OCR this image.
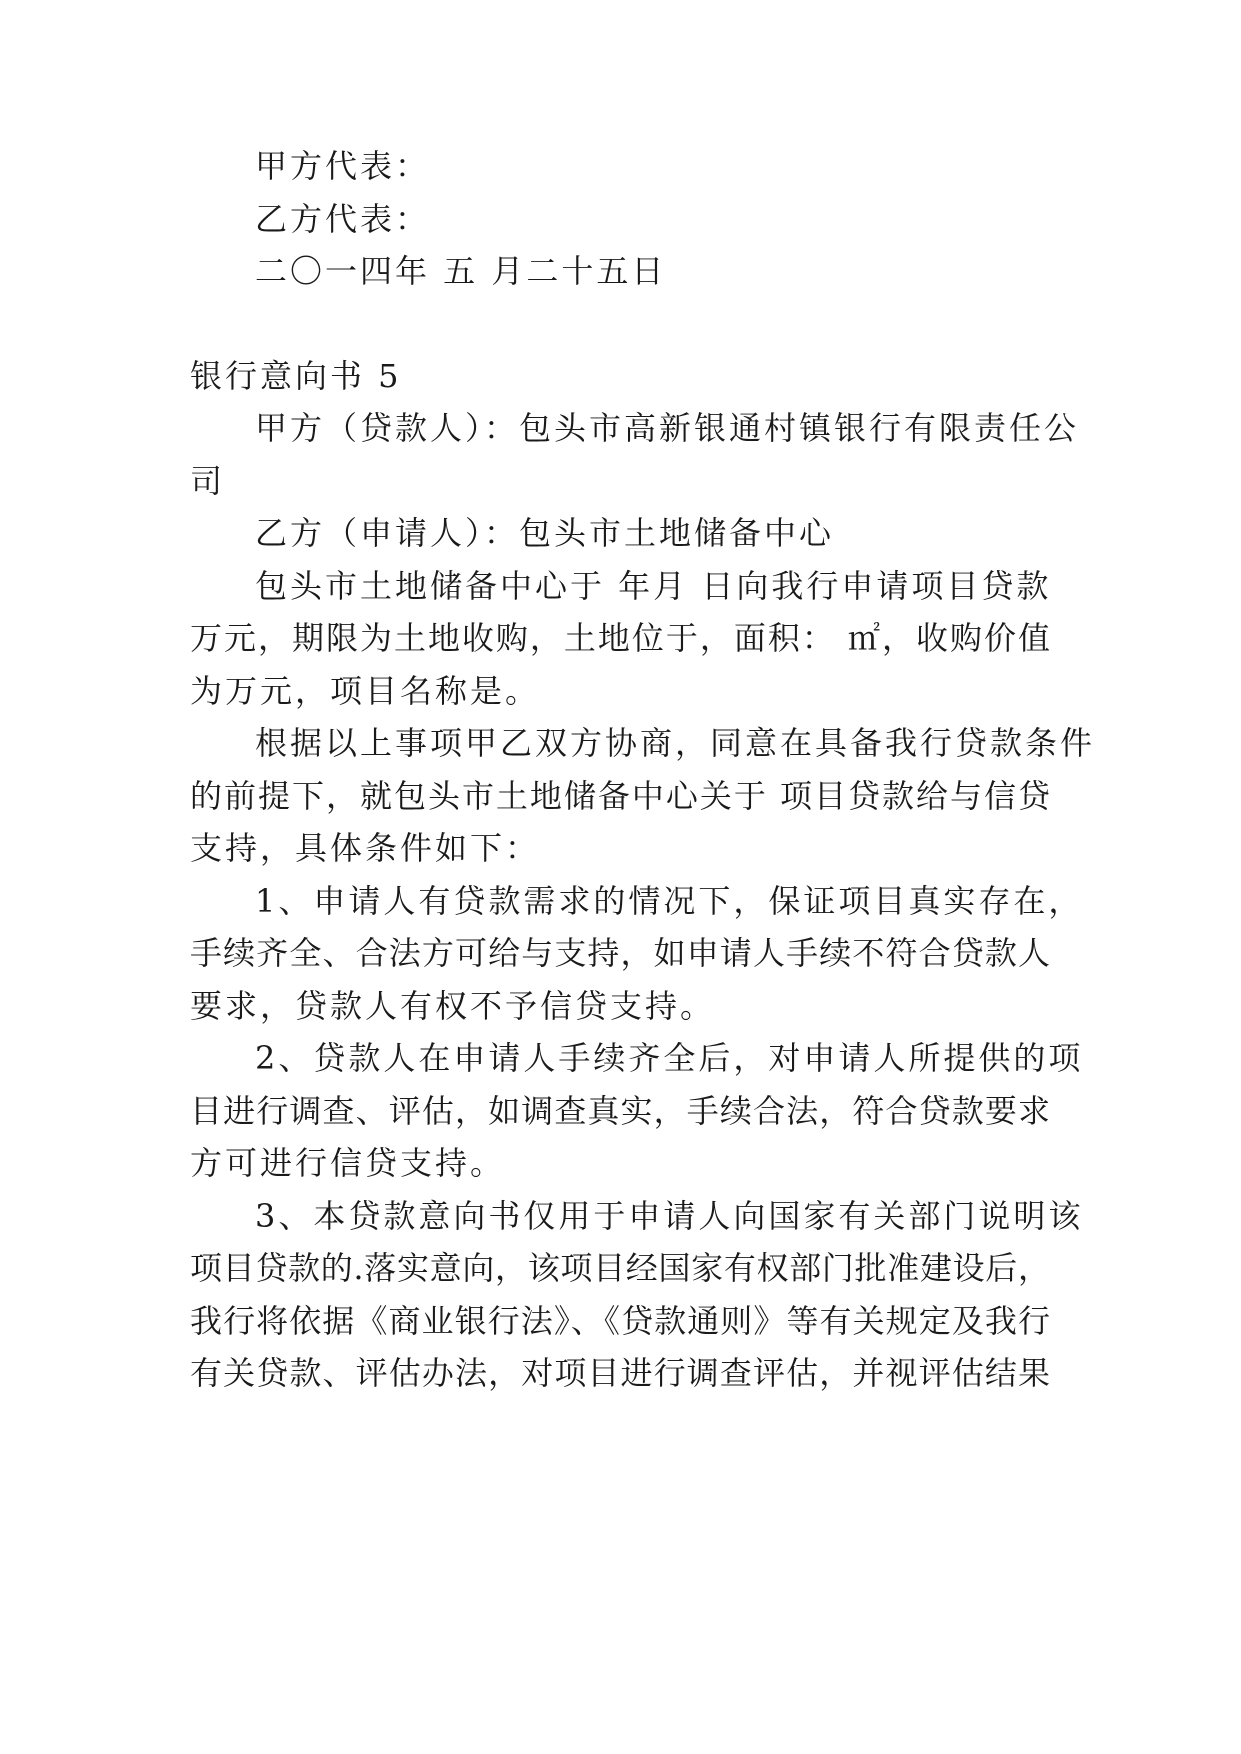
甲方代表：
乙方代表：
二〇一四年 五 月二十五日
银行意向书 5
甲方（贷款人）：包头市高新银通村镇银行有限责任公
司
乙方（申请人）：包头市土地储备中心
包头市土地储备中心于 年月 日向我行申请项目贷款
万元，期限为土地收购，土地位于，面积： ㎡，收购价值
为万元，项目名称是。
根据以上事项甲乙双方协商，同意在具备我行贷款条件
的前提下，就包头市土地储备中心关于 项目贷款给与信贷
支持，具体条件如下：
1、申请人有贷款需求的情况下，保证项目真实存在，
手续齐全、合法方可给与支持，如申请人手续不符合贷款人
要求，贷款人有权不予信贷支持。
2、贷款人在申请人手续齐全后，对申请人所提供的项
目进行调查、评估，如调查真实，手续合法，符合贷款要求
方可进行信贷支持。
3、本贷款意向书仅用于申请人向国家有关部门说明该
项目贷款的.落实意向，该项目经国家有权部门批准建设后，
我行将依据《商业银行法》、《贷款通则》等有关规定及我行
有关贷款、评估办法，对项目进行调查评估，并视评估结果
